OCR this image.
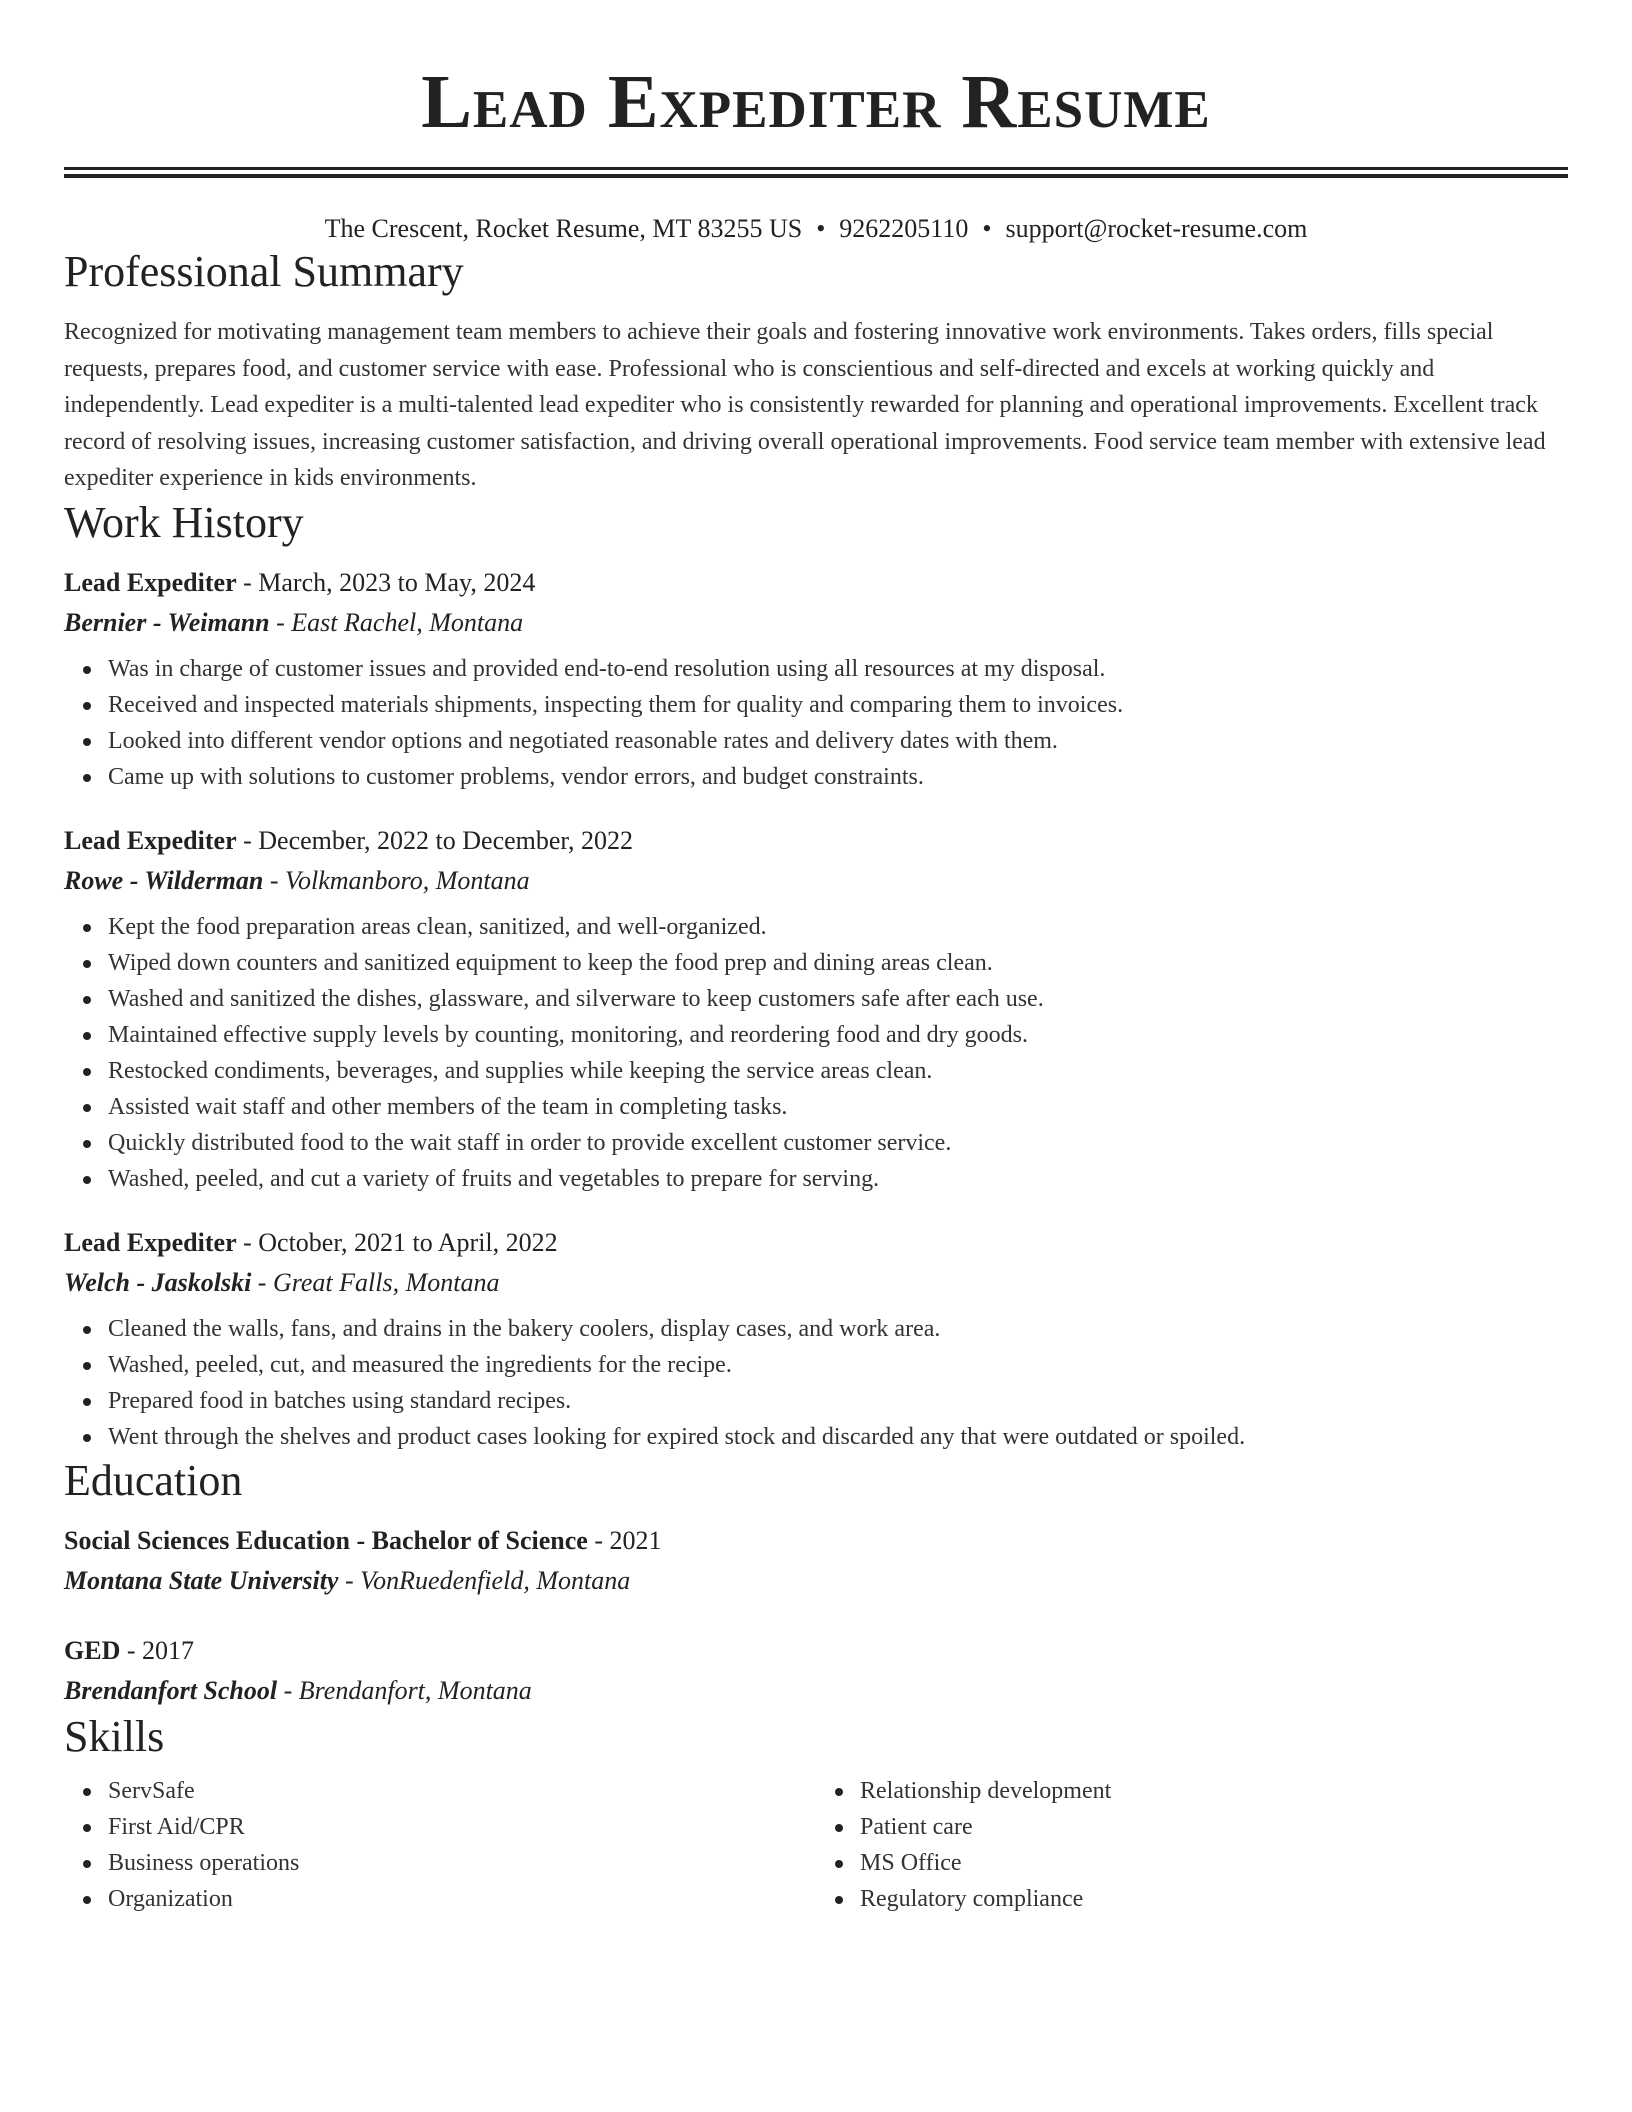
Lead Expediter Resume
The Crescent, Rocket Resume, MT 83255 US • 9262205110 • support@rocket-resume.com
Professional Summary

Recognized for motivating management team members to achieve their goals and fostering innovative work environments. Takes orders, fills special requests, prepares food, and customer service with ease. Professional who is conscientious and self-directed and excels at working quickly and independently. Lead expediter is a multi-talented lead expediter who is consistently rewarded for planning and operational improvements. Excellent track record of resolving issues, increasing customer satisfaction, and driving overall operational improvements. Food service team member with extensive lead expediter experience in kids environments.

Work History
Lead Expediter - March, 2023 to May, 2024
Bernier - Weimann - East Rachel, Montana
Was in charge of customer issues and provided end-to-end resolution using all resources at my disposal.
Received and inspected materials shipments, inspecting them for quality and comparing them to invoices.
Looked into different vendor options and negotiated reasonable rates and delivery dates with them.
Came up with solutions to customer problems, vendor errors, and budget constraints.
Lead Expediter - December, 2022 to December, 2022
Rowe - Wilderman - Volkmanboro, Montana
Kept the food preparation areas clean, sanitized, and well-organized.
Wiped down counters and sanitized equipment to keep the food prep and dining areas clean.
Washed and sanitized the dishes, glassware, and silverware to keep customers safe after each use.
Maintained effective supply levels by counting, monitoring, and reordering food and dry goods.
Restocked condiments, beverages, and supplies while keeping the service areas clean.
Assisted wait staff and other members of the team in completing tasks.
Quickly distributed food to the wait staff in order to provide excellent customer service.
Washed, peeled, and cut a variety of fruits and vegetables to prepare for serving.
Lead Expediter - October, 2021 to April, 2022
Welch - Jaskolski - Great Falls, Montana
Cleaned the walls, fans, and drains in the bakery coolers, display cases, and work area.
Washed, peeled, cut, and measured the ingredients for the recipe.
Prepared food in batches using standard recipes.
Went through the shelves and product cases looking for expired stock and discarded any that were outdated or spoiled.
Education
Social Sciences Education - Bachelor of Science - 2021
Montana State University - VonRuedenfield, Montana
GED - 2017
Brendanfort School - Brendanfort, Montana
Skills
ServSafe
First Aid/CPR
Business operations
Organization
Relationship development
Patient care
MS Office
Regulatory compliance
